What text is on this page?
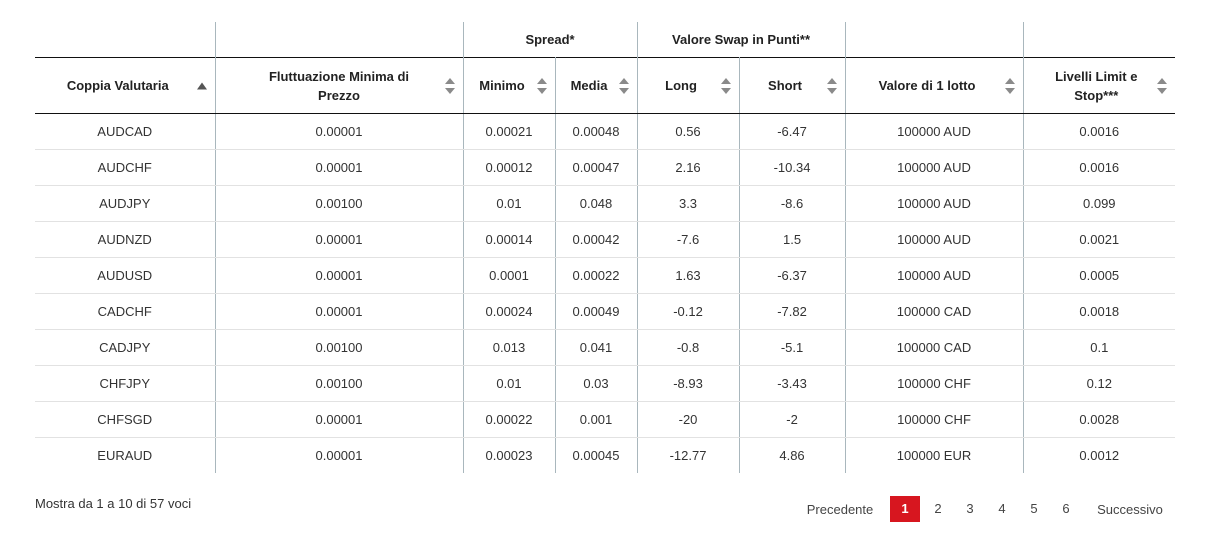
		Spread*		Valore Swap in Punti**			
Coppia Valutaria	Fluttuazione Minima di Prezzo	Minimo	Media	Long	Short	Valore di 1 lotto	Livelli Limit e Stop***

AUDCAD	0.00001	0.00021	0.00048	0.56	-6.47	100000 AUD	0.0016
AUDCHF	0.00001	0.00012	0.00047	2.16	-10.34	100000 AUD	0.0016
AUDJPY	0.00100	0.01	0.048	3.3	-8.6	100000 AUD	0.099
AUDNZD	0.00001	0.00014	0.00042	-7.6	1.5	100000 AUD	0.0021
AUDUSD	0.00001	0.0001	0.00022	1.63	-6.37	100000 AUD	0.0005
CADCHF	0.00001	0.00024	0.00049	-0.12	-7.82	100000 CAD	0.0018
CADJPY	0.00100	0.013	0.041	-0.8	-5.1	100000 CAD	0.1
CHFJPY	0.00100	0.01	0.03	-8.93	-3.43	100000 CHF	0.12
CHFSGD	0.00001	0.00022	0.001	-20	-2	100000 CHF	0.0028
EURAUD	0.00001	0.00023	0.00045	-12.77	4.86	100000 EUR	0.0012
Mostra da 1 a 10 di 57 voci	Precedente	1	2	3	4	5	6	Successivo
